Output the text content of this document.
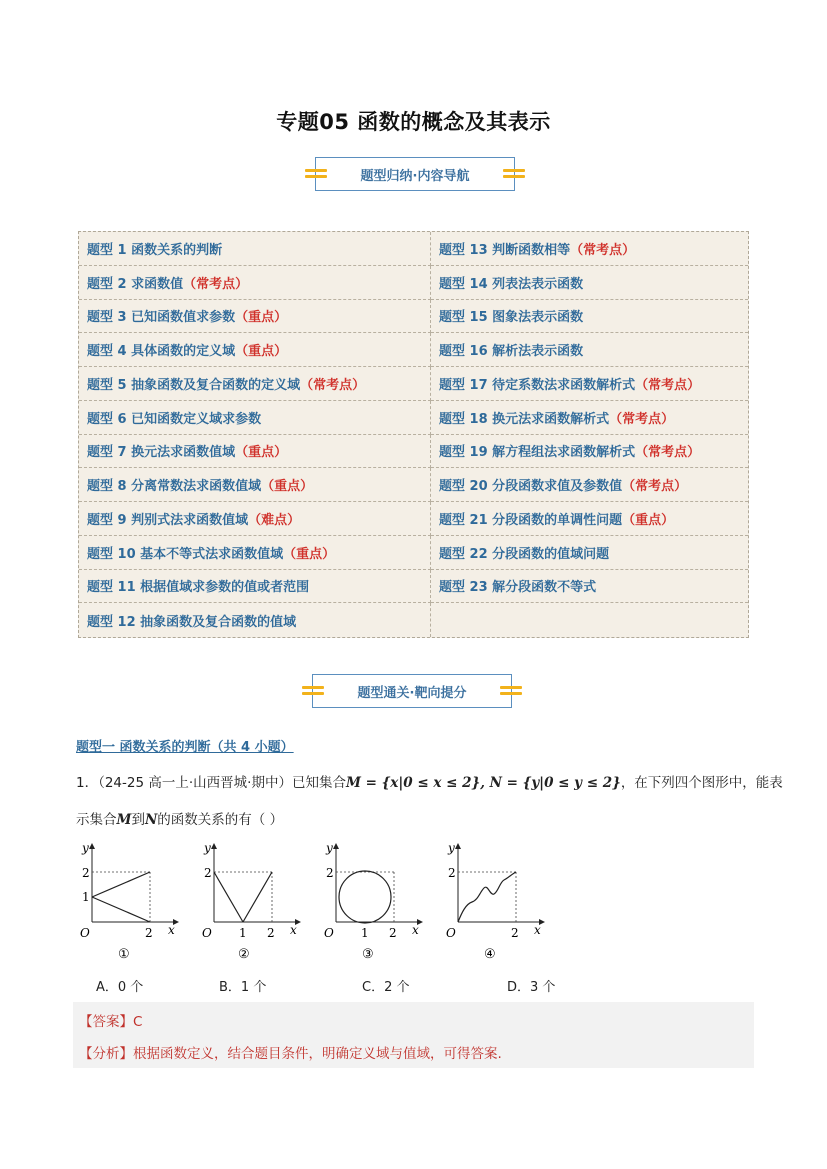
专题05 函数的概念及其表示
题型归纳·内容导航
题型 1 函数关系的判断	题型 13 判断函数相等 （常考点）
题型 2 求函数值 （常考点）	题型 14 列表法表示函数
题型 3 已知函数值求参数 （重点）	题型 15 图象法表示函数
题型 4 具体函数的定义域 （重点）	题型 16 解析法表示函数
题型 5 抽象函数及复合函数的定义域 （常考点）	题型 17 待定系数法求函数解析式 （常考点）
题型 6 已知函数定义域求参数	题型 18 换元法求函数解析式 （常考点）
题型 7 换元法求函数值域 （重点）	题型 19 解方程组法求函数解析式 （常考点）
题型 8 分离常数法求函数值域 （重点）	题型 20 分段函数求值及参数值 （常考点）
题型 9 判别式法求函数值域 （难点）	题型 21 分段函数的单调性问题 （重点）
题型 10 基本不等式法求函数值域 （重点）	题型 22 分段函数的值域问题
题型 11 根据值域求参数的值或者范围	题型 23 解分段函数不等式
题型 12 抽象函数及复合函数的值域
题型通关·靶向提分
题型一 函数关系的判断（共 4 小题）
1．（24-25 高一上·山西晋城·期中）已知集合M = {x|0 ≤ x ≤ 2}, N = {y|0 ≤ y ≤ 2}，在下列四个图形中，能表
示集合M到N的函数关系的有（ ）
y
x
O
2
1
2
①
y
x
O
2
1 2
②
y
x
O
2
1 2
③
y
x
O
2
2
④
A．0 个	B．1 个	C．2 个	D．3 个
【答案】C
【分析】根据函数定义，结合题目条件，明确定义域与值域，可得答案.
